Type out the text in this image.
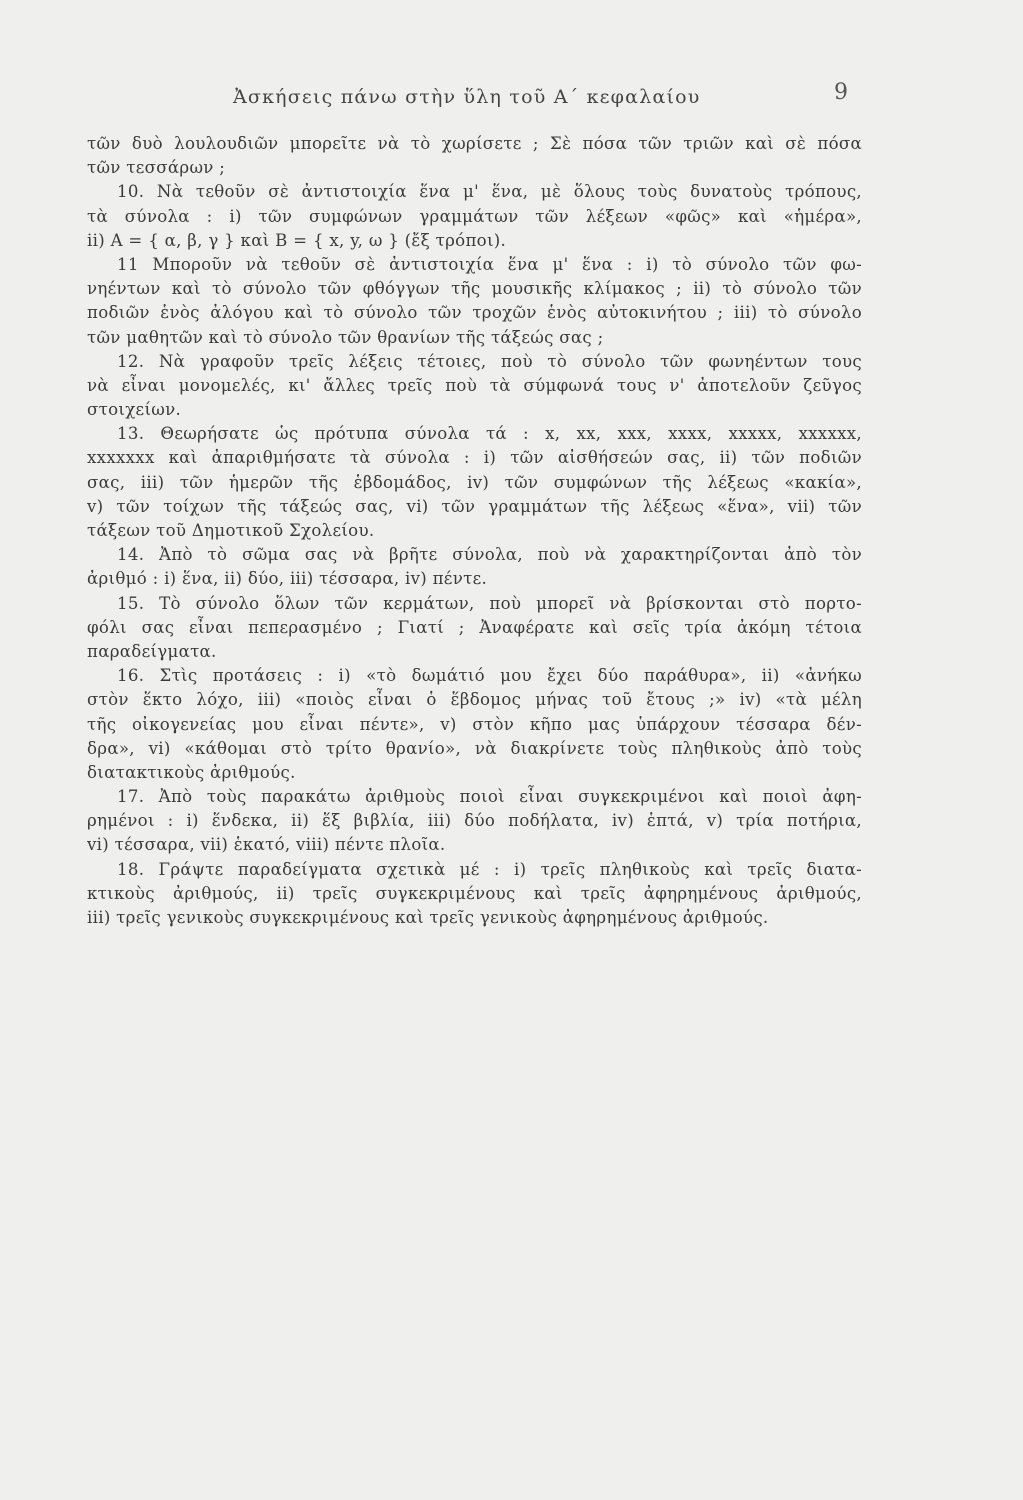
Ἀσκήσεις πάνω στὴν ὕλη τοῦ Α΄ κεφαλαίου	9
τῶν δυὸ λουλουδιῶν μπορεῖτε νὰ τὸ χωρίσετε ; Σὲ πόσα τῶν τριῶν καὶ σὲ πόσα
τῶν τεσσάρων ;
10. Νὰ τεθοῦν σὲ ἀντιστοιχία ἕνα μ' ἕνα, μὲ ὅλους τοὺς δυνατοὺς τρόπους,
τὰ σύνολα : i) τῶν συμφώνων γραμμάτων τῶν λέξεων «φῶς» καὶ «ἡμέρα»,
ii) A = { α, β, γ } καὶ B = { x, y, ω } (ἔξ τρόποι).
11 Μποροῦν νὰ τεθοῦν σὲ ἀντιστοιχία ἕνα μ' ἕνα : i) τὸ σύνολο τῶν φω-
νηέντων καὶ τὸ σύνολο τῶν φθόγγων τῆς μουσικῆς κλίμακος ; ii) τὸ σύνολο τῶν
ποδιῶν ἑνὸς ἀλόγου καὶ τὸ σύνολο τῶν τροχῶν ἑνὸς αὐτοκινήτου ; iii) τὸ σύνολο
τῶν μαθητῶν καὶ τὸ σύνολο τῶν θρανίων τῆς τάξεώς σας ;
12. Νὰ γραφοῦν τρεῖς λέξεις τέτοιες, ποὺ τὸ σύνολο τῶν φωνηέντων τους
νὰ εἶναι μονομελές, κι' ἄλλες τρεῖς ποὺ τὰ σύμφωνά τους ν' ἀποτελοῦν ζεῦγος
στοιχείων.
13. Θεωρήσατε ὡς πρότυπα σύνολα τά : x, xx, xxx, xxxx, xxxxx, xxxxxx,
xxxxxxx καὶ ἀπαριθμήσατε τὰ σύνολα : i) τῶν αἰσθήσεών σας, ii) τῶν ποδιῶν
σας, iii) τῶν ἡμερῶν τῆς ἑβδομάδος, iv) τῶν συμφώνων τῆς λέξεως «κακία»,
v) τῶν τοίχων τῆς τάξεώς σας, vi) τῶν γραμμάτων τῆς λέξεως «ἕνα», vii) τῶν
τάξεων τοῦ Δημοτικοῦ Σχολείου.
14. Ἀπὸ τὸ σῶμα σας νὰ βρῆτε σύνολα, ποὺ νὰ χαρακτηρίζονται ἀπὸ τὸν
ἀριθμό : i) ἕνα, ii) δύο, iii) τέσσαρα, iv) πέντε.
15. Τὸ σύνολο ὅλων τῶν κερμάτων, ποὺ μπορεῖ νὰ βρίσκονται στὸ πορτο-
φόλι σας εἶναι πεπερασμένο ; Γιατί ; Ἀναφέρατε καὶ σεῖς τρία ἀκόμη τέτοια
παραδείγματα.
16. Στὶς προτάσεις : i) «τὸ δωμάτιό μου ἔχει δύο παράθυρα», ii) «ἀνήκω
στὸν ἕκτο λόχο, iii) «ποιὸς εἶναι ὁ ἕβδομος μήνας τοῦ ἔτους ;» iv) «τὰ μέλη
τῆς οἰκογενείας μου εἶναι πέντε», v) στὸν κῆπο μας ὑπάρχουν τέσσαρα δέν-
δρα», vi) «κάθομαι στὸ τρίτο θρανίο», νὰ διακρίνετε τοὺς πληθικοὺς ἀπὸ τοὺς
διατακτικοὺς ἀριθμούς.
17. Ἀπὸ τοὺς παρακάτω ἀριθμοὺς ποιοὶ εἶναι συγκεκριμένοι καὶ ποιοὶ ἀφη-
ρημένοι : i) ἕνδεκα, ii) ἕξ βιβλία, iii) δύο ποδήλατα, iv) ἑπτά, v) τρία ποτήρια,
vi) τέσσαρα, vii) ἑκατό, viii) πέντε πλοῖα.
18. Γράψτε παραδείγματα σχετικὰ μέ : i) τρεῖς πληθικοὺς καὶ τρεῖς διατα-
κτικοὺς ἀριθμούς, ii) τρεῖς συγκεκριμένους καὶ τρεῖς ἀφηρημένους ἀριθμούς,
iii) τρεῖς γενικοὺς συγκεκριμένους καὶ τρεῖς γενικοὺς ἀφηρημένους ἀριθμούς.
